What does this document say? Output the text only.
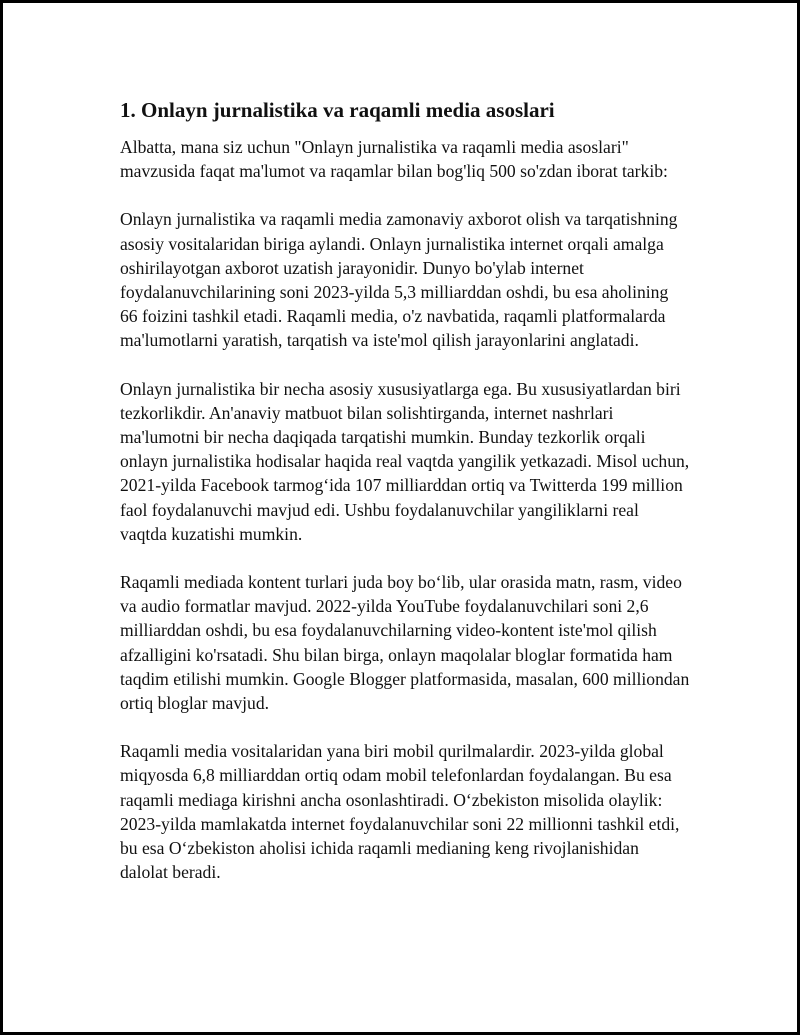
1. Onlayn jurnalistika va raqamli media asoslari

Albatta, mana siz uchun "Onlayn jurnalistika va raqamli media asoslari" mavzusida faqat ma'lumot va raqamlar bilan bog'liq 500 so'zdan iborat tarkib:

Onlayn jurnalistika va raqamli media zamonaviy axborot olish va tarqatishning asosiy vositalaridan biriga aylandi. Onlayn jurnalistika internet orqali amalga oshirilayotgan axborot uzatish jarayonidir. Dunyo bo'ylab internet foydalanuvchilarining soni 2023-yilda 5,3 milliarddan oshdi, bu esa aholining 66 foizini tashkil etadi. Raqamli media, o'z navbatida, raqamli platformalarda ma'lumotlarni yaratish, tarqatish va iste'mol qilish jarayonlarini anglatadi.

Onlayn jurnalistika bir necha asosiy xususiyatlarga ega. Bu xususiyatlardan biri tezkorlikdir. An'anaviy matbuot bilan solishtirganda, internet nashrlari ma'lumotni bir necha daqiqada tarqatishi mumkin. Bunday tezkorlik orqali onlayn jurnalistika hodisalar haqida real vaqtda yangilik yetkazadi. Misol uchun, 2021-yilda Facebook tarmog‘ida 107 milliarddan ortiq va Twitterda 199 million faol foydalanuvchi mavjud edi. Ushbu foydalanuvchilar yangiliklarni real vaqtda kuzatishi mumkin.

Raqamli mediada kontent turlari juda boy bo‘lib, ular orasida matn, rasm, video va audio formatlar mavjud. 2022-yilda YouTube foydalanuvchilari soni 2,6 milliarddan oshdi, bu esa foydalanuvchilarning video-kontent iste'mol qilish afzalligini ko'rsatadi. Shu bilan birga, onlayn maqolalar bloglar formatida ham taqdim etilishi mumkin. Google Blogger platformasida, masalan, 600 milliondan ortiq bloglar mavjud.

Raqamli media vositalaridan yana biri mobil qurilmalardir. 2023-yilda global miqyosda 6,8 milliarddan ortiq odam mobil telefonlardan foydalangan. Bu esa raqamli mediaga kirishni ancha osonlashtiradi. O‘zbekiston misolida olaylik: 2023-yilda mamlakatda internet foydalanuvchilar soni 22 millionni tashkil etdi, bu esa O‘zbekiston aholisi ichida raqamli medianing keng rivojlanishidan dalolat beradi.
